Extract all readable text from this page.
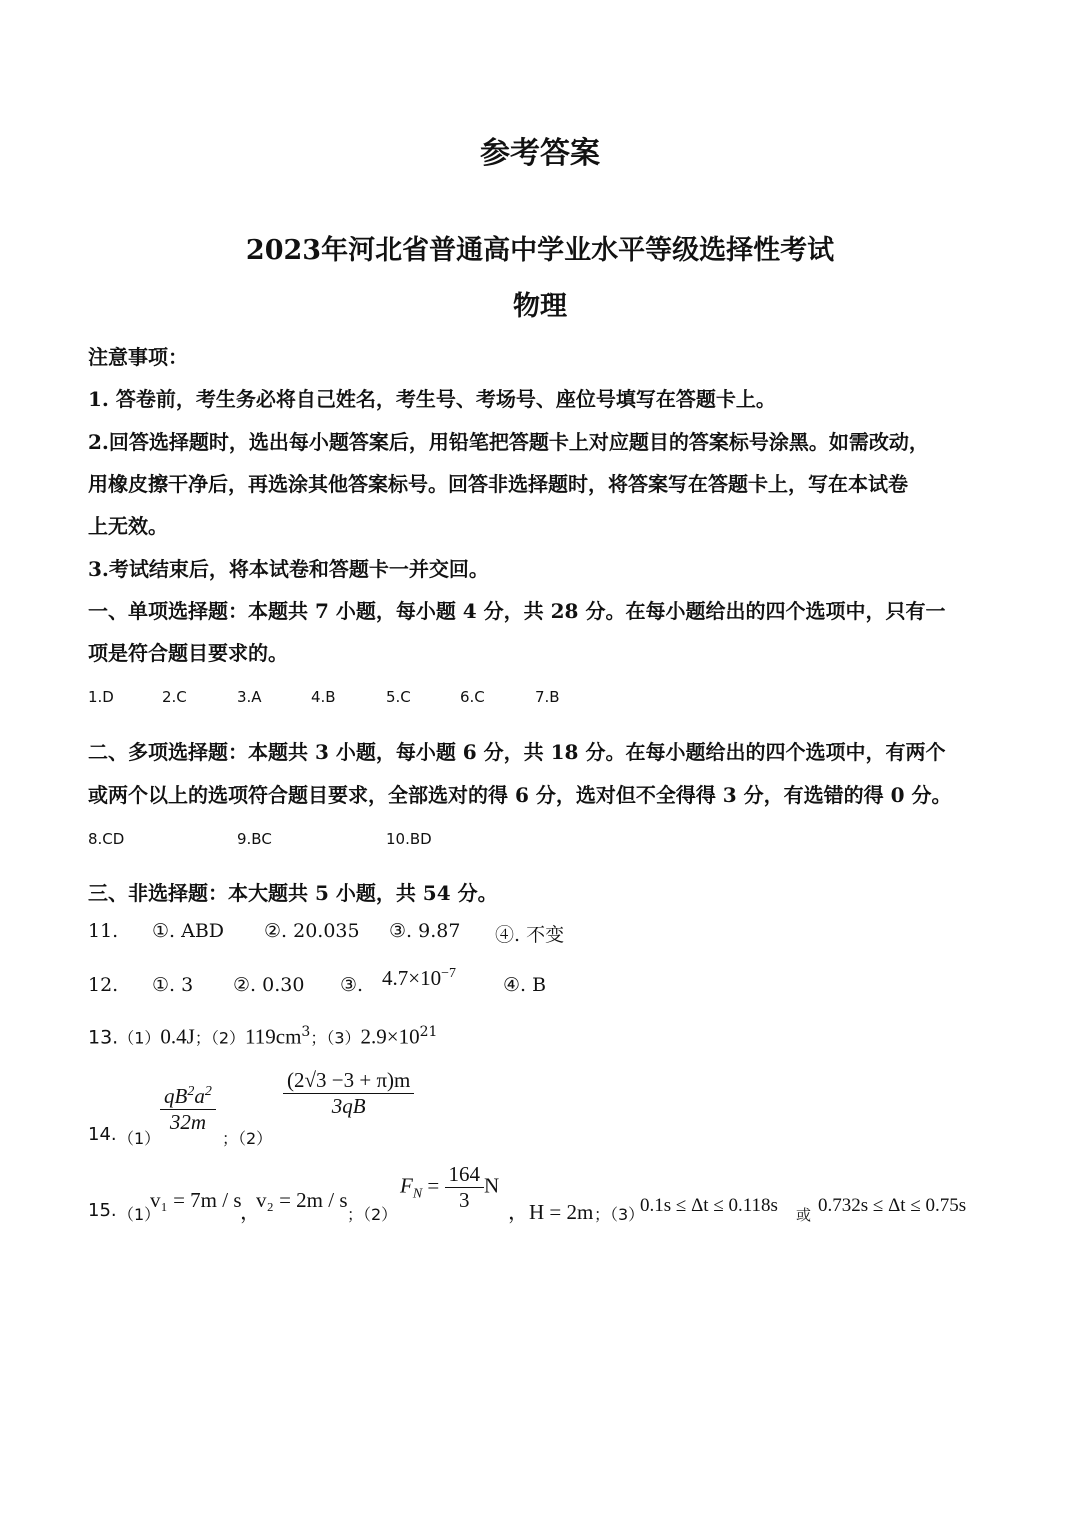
参考答案
2023年河北省普通高中学业水平等级选择性考试
物理
注意事项：
1. 答卷前，考生务必将自己姓名，考生号、考场号、座位号填写在答题卡上。
2.回答选择题时，选出每小题答案后，用铅笔把答题卡上对应题目的答案标号涂黑。如需改动，
用橡皮擦干净后，再选涂其他答案标号。回答非选择题时，将答案写在答题卡上，写在本试卷
上无效。
3.考试结束后，将本试卷和答题卡一并交回。
一、单项选择题：本题共 7 小题，每小题 4 分，共 28 分。在每小题给出的四个选项中，只有一
项是符合题目要求的。
1.D	2.C	3.A	4.B	5.C	6.C	7.B
二、多项选择题：本题共 3 小题，每小题 6 分，共 18 分。在每小题给出的四个选项中，有两个
或两个以上的选项符合题目要求，全部选对的得 6 分，选对但不全得得 3 分，有选错的得 0 分。
8.CD	9.BC	10.BD
三、非选择题：本大题共 5 小题，共 54 分。
11. ①. ABD ②. 20.035 ③. 9.87 ④. 不变
12. ①. 3 ②. 0.30 ③. $4.7\times 10^{-7}$
④. B
13.（1）0.4J；$(2)119cm^3$；$(3)2.9\times 10^{21}$
14. （1）
$\frac{qB^2a^2}{32m}$
；（2）
$\frac{(2√3 -3 + \pi)m}{3qB}$
15. （1）
v₁ = 7m / s
，
v₂ = 2m / s
；（2）
$F_N = \frac{164}{3}$ N
，H = 2m ；（3）
0.1s ≤ Δt ≤ 0.118s 或 0.732s ≤ Δt ≤ 0.75s
